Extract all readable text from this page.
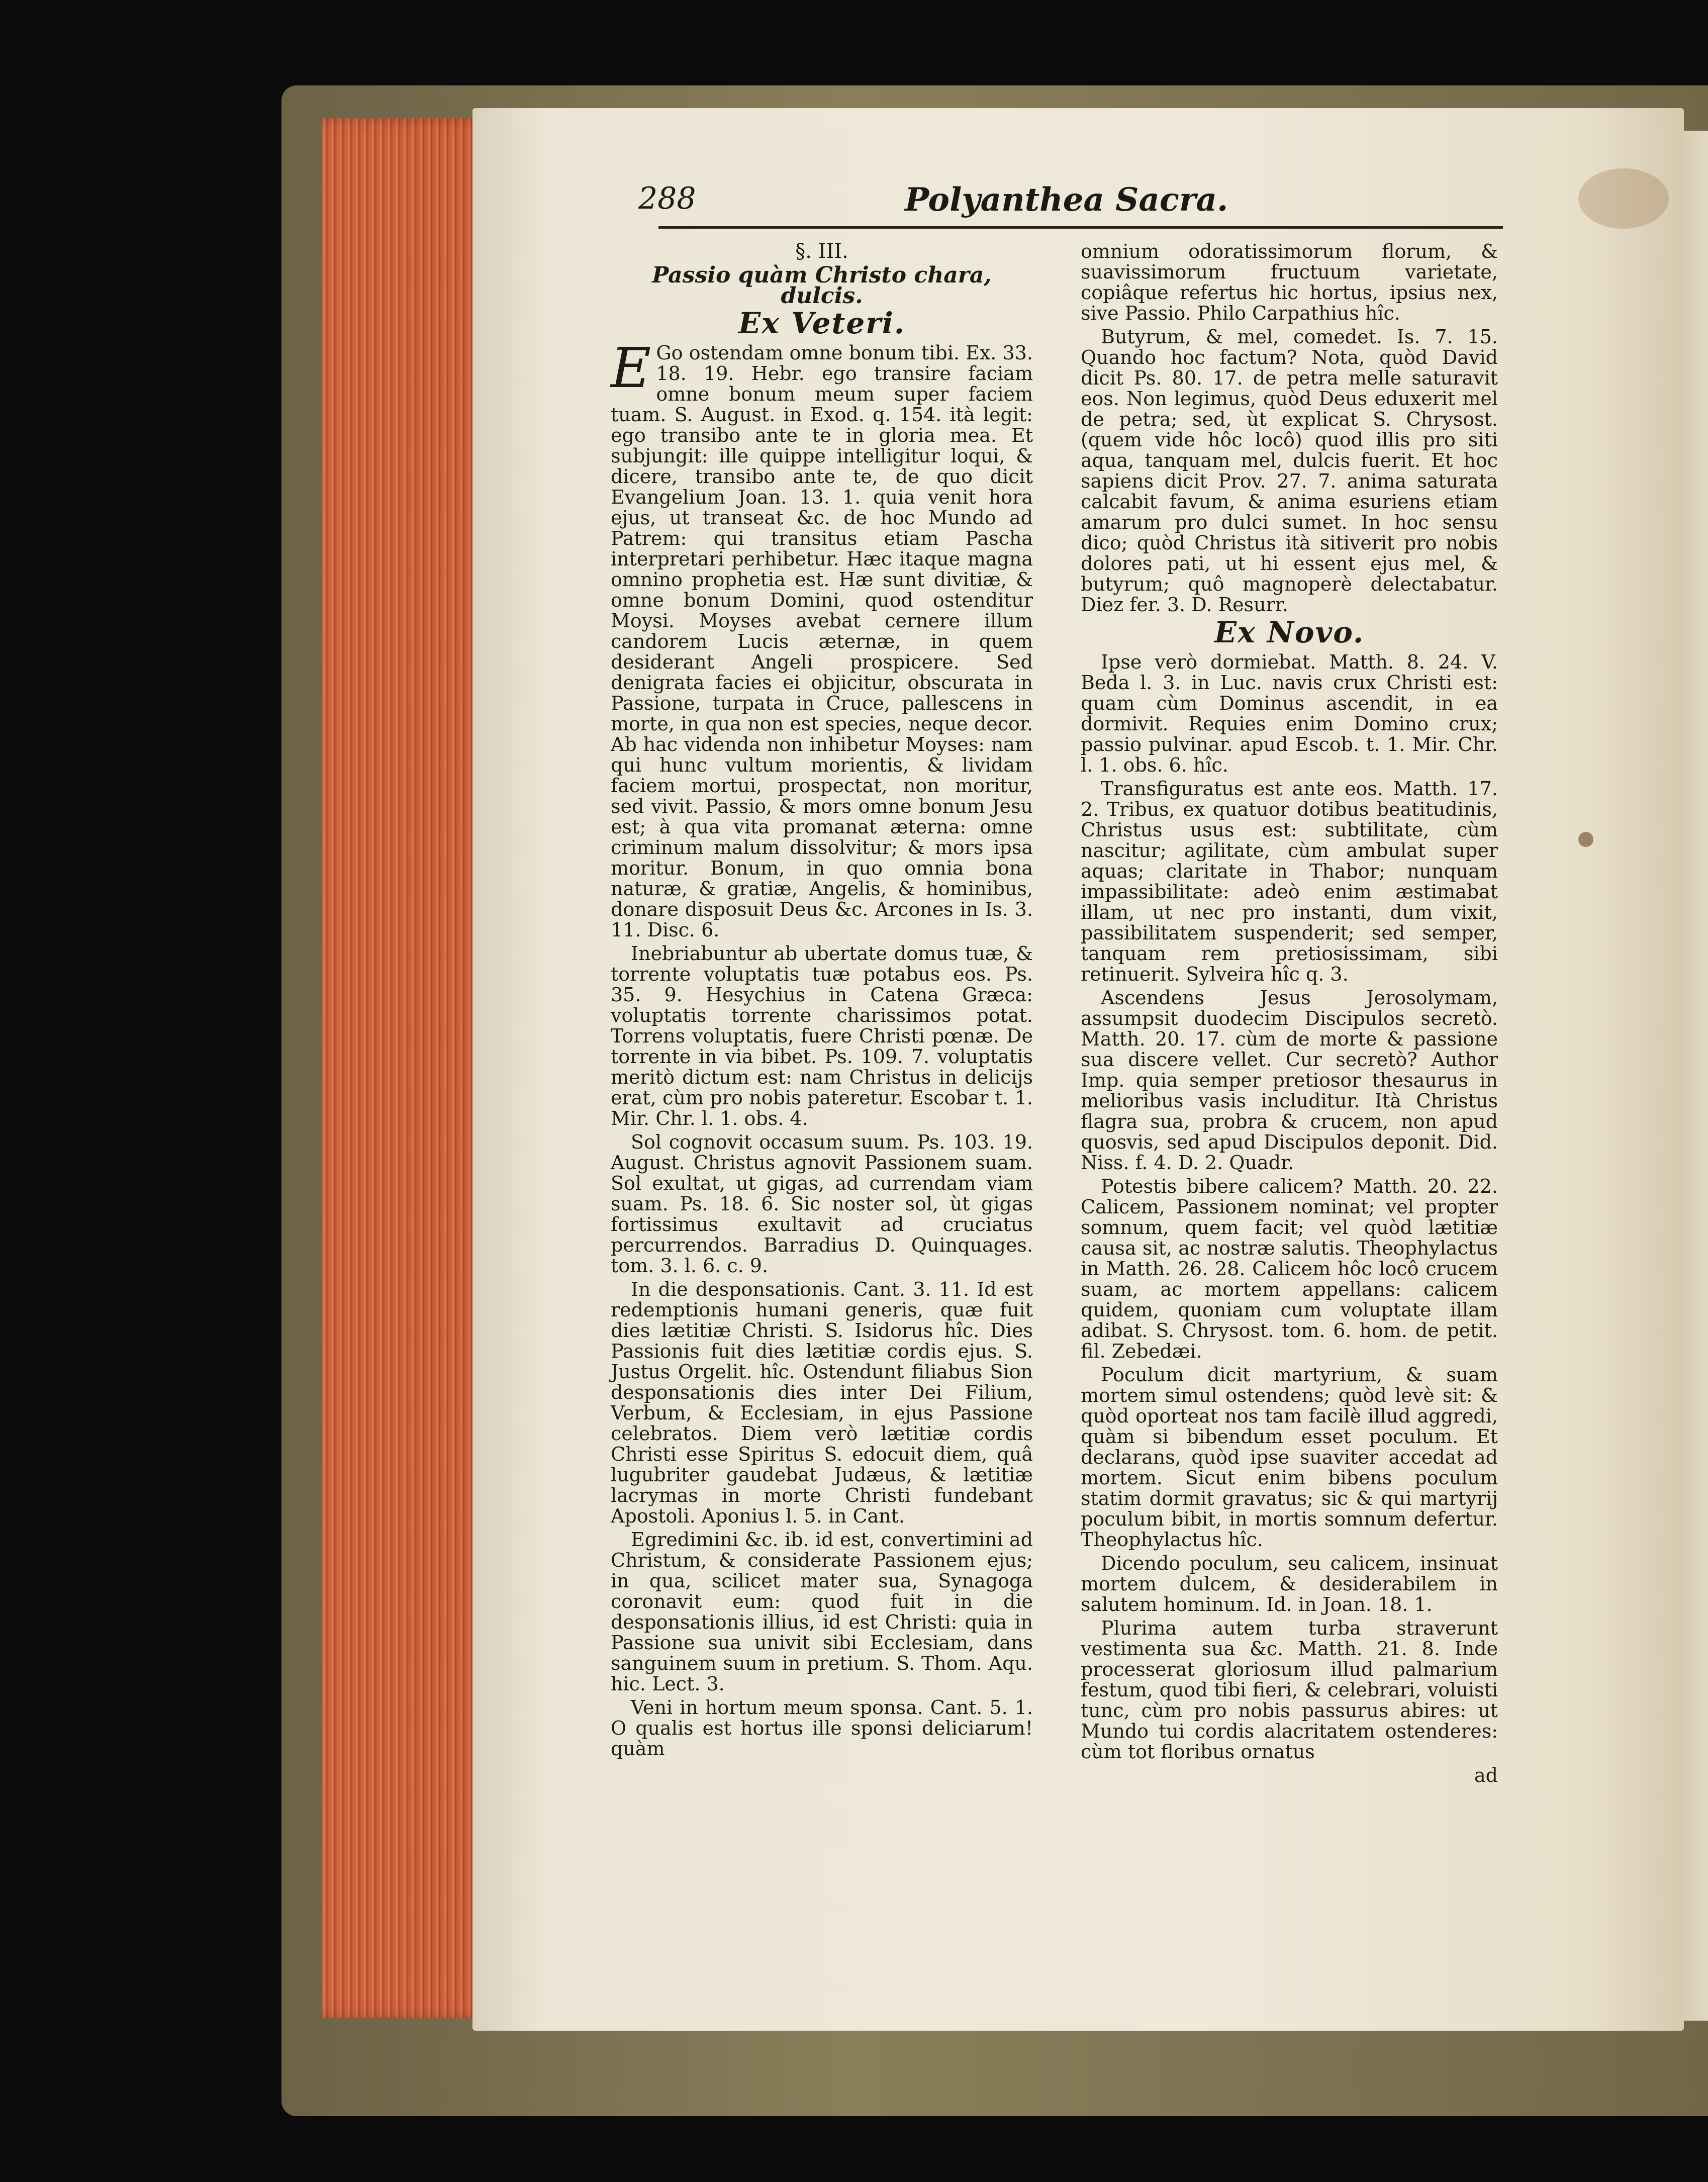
288	Polyanthea Sacra.
§. III.
Passio quàm Christo chara, dulcis.
Ex Veteri.

E Go ostendam omne bonum tibi. Ex. 33. 18. 19. Hebr. ego transire faciam omne bonum meum super faciem tuam. S. August. in Exod. q. 154. ità legit: ego transibo ante te in gloria mea. Et subjungit: ille quippe intelligitur loqui, & dicere, transibo ante te, de quo dicit Evangelium Joan. 13. 1. quia venit hora ejus, ut transeat &c. de hoc Mundo ad Patrem: qui transitus etiam Pascha interpretari perhibetur. Hæc itaque magna omnino prophetia est. Hæ sunt divitiæ, & omne bonum Domini, quod ostenditur Moysi. Moyses avebat cernere illum candorem Lucis æternæ, in quem desiderant Angeli prospicere. Sed denigrata facies ei objicitur, obscurata in Passione, turpata in Cruce, pallescens in morte, in qua non est species, neque decor. Ab hac videnda non inhibetur Moyses: nam qui hunc vultum morientis, & lividam faciem mortui, prospectat, non moritur, sed vivit. Passio, & mors omne bonum Jesu est; à qua vita promanat æterna: omne criminum malum dissolvitur; & mors ipsa moritur. Bonum, in quo omnia bona naturæ, & gratiæ, Angelis, & hominibus, donare disposuit Deus &c. Arcones in Is. 3. 11. Disc. 6.

Inebriabuntur ab ubertate domus tuæ, & torrente voluptatis tuæ potabus eos. Ps. 35. 9. Hesychius in Catena Græca: voluptatis torrente charissimos potat. Torrens voluptatis, fuere Christi pœnæ. De torrente in via bibet. Ps. 109. 7. voluptatis meritò dictum est: nam Christus in delicijs erat, cùm pro nobis pateretur. Escobar t. 1. Mir. Chr. l. 1. obs. 4.

Sol cognovit occasum suum. Ps. 103. 19. August. Christus agnovit Passionem suam. Sol exultat, ut gigas, ad currendam viam suam. Ps. 18. 6. Sic noster sol, ùt gigas fortissimus exultavit ad cruciatus percurrendos. Barradius D. Quinquages. tom. 3. l. 6. c. 9.

In die desponsationis. Cant. 3. 11. Id est redemptionis humani generis, quæ fuit dies lætitiæ Christi. S. Isidorus hîc. Dies Passionis fuit dies lætitiæ cordis ejus. S. Justus Orgelit. hîc. Ostendunt filiabus Sion desponsationis dies inter Dei Filium, Verbum, & Ecclesiam, in ejus Passione celebratos. Diem verò lætitiæ cordis Christi esse Spiritus S. edocuit diem, quâ lugubriter gaudebat Judæus, & lætitiæ lacrymas in morte Christi fundebant Apostoli. Aponius l. 5. in Cant.

Egredimini &c. ib. id est, convertimini ad Christum, & considerate Passionem ejus; in qua, scilicet mater sua, Synagoga coronavit eum: quod fuit in die desponsationis illius, id est Christi: quia in Passione sua univit sibi Ecclesiam, dans sanguinem suum in pretium. S. Thom. Aqu. hic. Lect. 3.

Veni in hortum meum sponsa. Cant. 5. 1. O qualis est hortus ille sponsi deliciarum! quàm

omnium odoratissimorum florum, & suavissimorum fructuum varietate, copiâque refertus hic hortus, ipsius nex, sive Passio. Philo Carpathius hîc.

Butyrum, & mel, comedet. Is. 7. 15. Quando hoc factum? Nota, quòd David dicit Ps. 80. 17. de petra melle saturavit eos. Non legimus, quòd Deus eduxerit mel de petra; sed, ùt explicat S. Chrysost. (quem vide hôc locô) quod illis pro siti aqua, tanquam mel, dulcis fuerit. Et hoc sapiens dicit Prov. 27. 7. anima saturata calcabit favum, & anima esuriens etiam amarum pro dulci sumet. In hoc sensu dico; quòd Christus ità sitiverit pro nobis dolores pati, ut hi essent ejus mel, & butyrum; quô magnoperè delectabatur. Diez fer. 3. D. Resurr.

Ex Novo.

Ipse verò dormiebat. Matth. 8. 24. V. Beda l. 3. in Luc. navis crux Christi est: quam cùm Dominus ascendit, in ea dormivit. Requies enim Domino crux; passio pulvinar. apud Escob. t. 1. Mir. Chr. l. 1. obs. 6. hîc.

Transfiguratus est ante eos. Matth. 17. 2. Tribus, ex quatuor dotibus beatitudinis, Christus usus est: subtilitate, cùm nascitur; agilitate, cùm ambulat super aquas; claritate in Thabor; nunquam impassibilitate: adeò enim æstimabat illam, ut nec pro instanti, dum vixit, passibilitatem suspenderit; sed semper, tanquam rem pretiosissimam, sibi retinuerit. Sylveira hîc q. 3.

Ascendens Jesus Jerosolymam, assumpsit duodecim Discipulos secretò. Matth. 20. 17. cùm de morte & passione sua discere vellet. Cur secretò? Author Imp. quia semper pretiosor thesaurus in melioribus vasis includitur. Ità Christus flagra sua, probra & crucem, non apud quosvis, sed apud Discipulos deponit. Did. Niss. f. 4. D. 2. Quadr.

Potestis bibere calicem? Matth. 20. 22. Calicem, Passionem nominat; vel propter somnum, quem facit; vel quòd lætitiæ causa sit, ac nostræ salutis. Theophylactus in Matth. 26. 28. Calicem hôc locô crucem suam, ac mortem appellans: calicem quidem, quoniam cum voluptate illam adibat. S. Chrysost. tom. 6. hom. de petit. fil. Zebedæi.

Poculum dicit martyrium, & suam mortem simul ostendens; quòd levè sit: & quòd oporteat nos tam facilè illud aggredi, quàm si bibendum esset poculum. Et declarans, quòd ipse suaviter accedat ad mortem. Sicut enim bibens poculum statim dormit gravatus; sic & qui martyrij poculum bibit, in mortis somnum defertur. Theophylactus hîc.

Dicendo poculum, seu calicem, insinuat mortem dulcem, & desiderabilem in salutem hominum. Id. in Joan. 18. 1.

Plurima autem turba straverunt vestimenta sua &c. Matth. 21. 8. Inde processerat gloriosum illud palmarium festum, quod tibi fieri, & celebrari, voluisti tunc, cùm pro nobis passurus abires: ut Mundo tui cordis alacritatem ostenderes: cùm tot floribus ornatus

ad
